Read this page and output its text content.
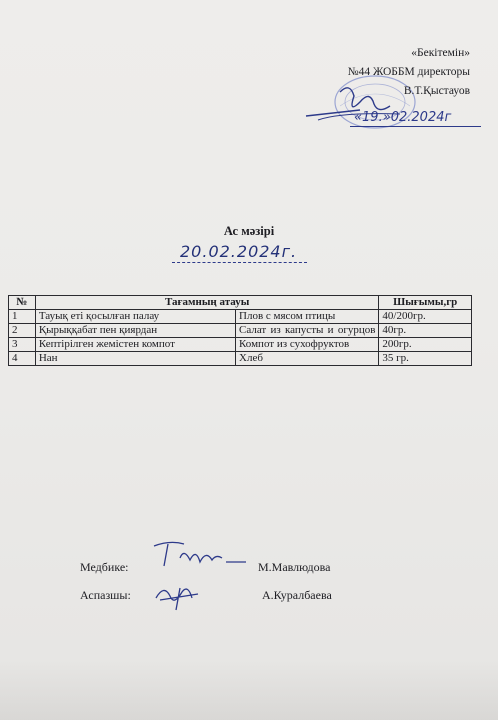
«Бекітемін»
№44 ЖОББМ директоры
В.Т.Қыстауов
«19.»02.2024г
Ас мәзірі
20.02.2024г.
№	Тағамның атауы		Шығымы,гр
1	Тауық еті қосылған палау	Плов с мясом птицы	40/200гр.
2	Қырыққабат пен қиярдан	Салат из капусты и огурцов	40гр.
3	Кептірілген жемістен компот	Компот из сухофруктов	200гр.
4	Нан	Хлеб	35 гр.
Медбике:	М.Мавлюдова
Аспазшы:	А.Куралбаева
